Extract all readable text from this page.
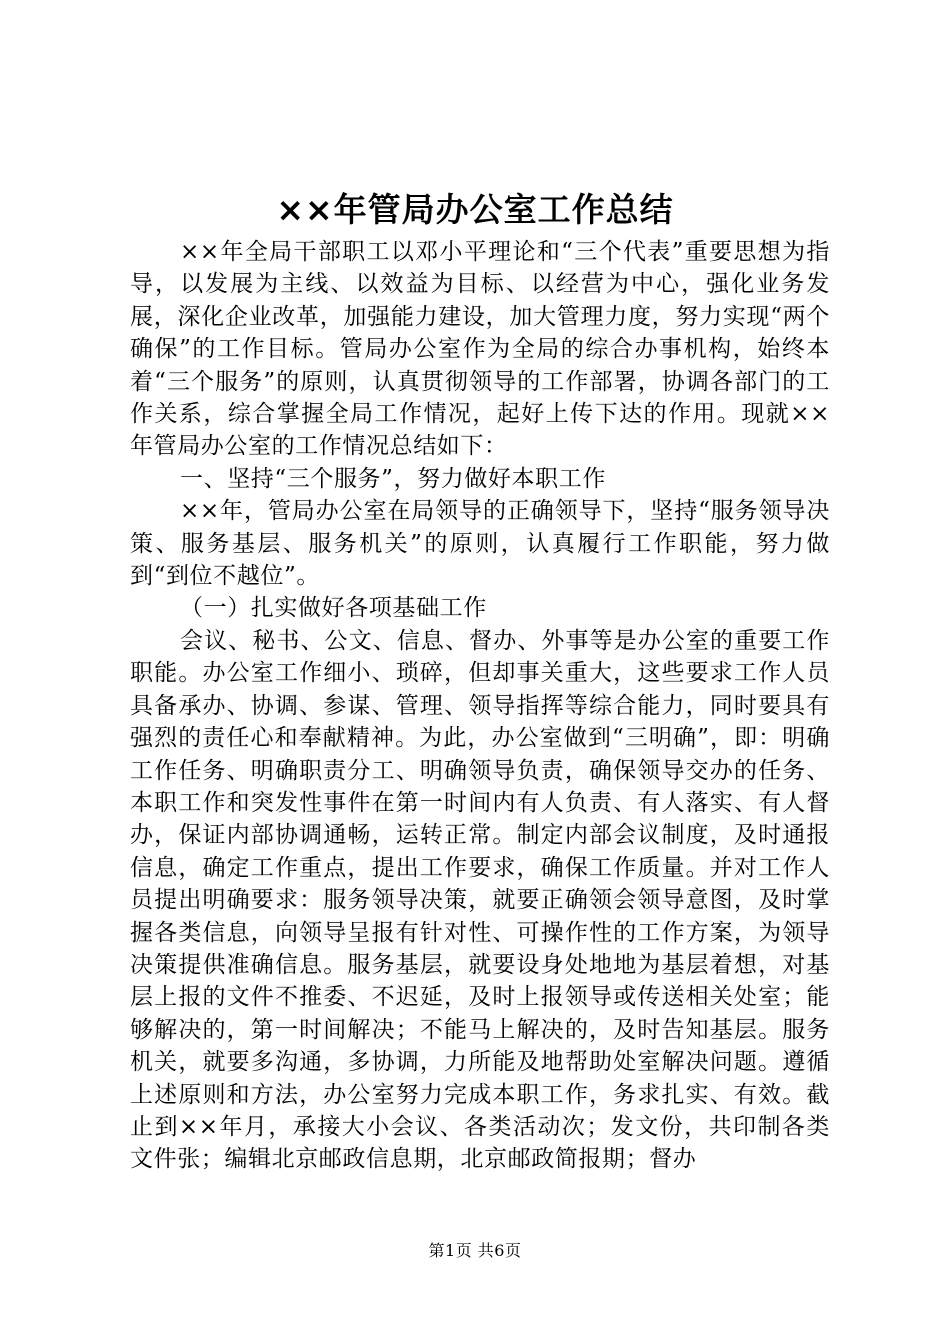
××年管局办公室工作总结

××年全局干部职工以邓小平理论和“三个代表”重要思想为指导，以发展为主线、以效益为目标、以经营为中心，强化业务发展，深化企业改革，加强能力建设，加大管理力度，努力实现“两个确保”的工作目标。管局办公室作为全局的综合办事机构，始终本着“三个服务”的原则，认真贯彻领导的工作部署，协调各部门的工作关系，综合掌握全局工作情况，起好上传下达的作用。现就××年管局办公室的工作情况总结如下：

一、坚持“三个服务”，努力做好本职工作

××年，管局办公室在局领导的正确领导下，坚持“服务领导决策、服务基层、服务机关”的原则，认真履行工作职能，努力做到“到位不越位”。

（一）扎实做好各项基础工作

会议、秘书、公文、信息、督办、外事等是办公室的重要工作职能。办公室工作细小、琐碎，但却事关重大，这些要求工作人员具备承办、协调、参谋、管理、领导指挥等综合能力，同时要具有强烈的责任心和奉献精神。为此，办公室做到“三明确”，即：明确工作任务、明确职责分工、明确领导负责，确保领导交办的任务、本职工作和突发性事件在第一时间内有人负责、有人落实、有人督办，保证内部协调通畅，运转正常。制定内部会议制度，及时通报信息，确定工作重点，提出工作要求，确保工作质量。并对工作人员提出明确要求：服务领导决策，就要正确领会领导意图，及时掌握各类信息，向领导呈报有针对性、可操作性的工作方案，为领导决策提供准确信息。服务基层，就要设身处地地为基层着想，对基层上报的文件不推委、不迟延，及时上报领导或传送相关处室；能够解决的，第一时间解决；不能马上解决的，及时告知基层。服务机关，就要多沟通，多协调，力所能及地帮助处室解决问题。遵循上述原则和方法，办公室努力完成本职工作，务求扎实、有效。截止到××年月，承接大小会议、各类活动次；发文份，共印制各类文件张；编辑北京邮政信息期，北京邮政简报期；督办

第1页 共6页
